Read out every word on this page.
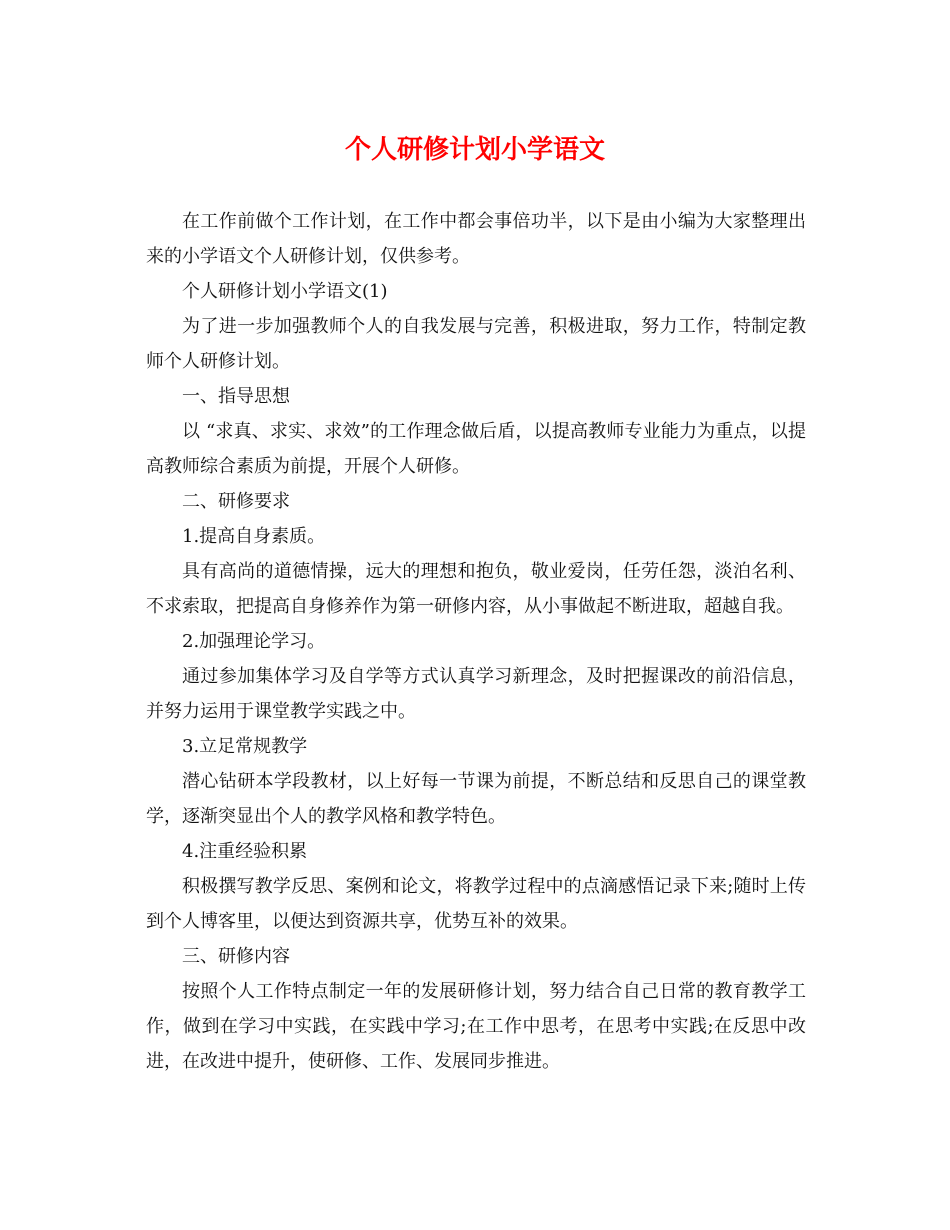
个人研修计划小学语文

在工作前做个工作计划，在工作中都会事倍功半，以下是由小编为大家整理出来的小学语文个人研修计划，仅供参考。

个人研修计划小学语文(1)

为了进一步加强教师个人的自我发展与完善，积极进取，努力工作，特制定教师个人研修计划。

一、指导思想

以 “求真、求实、求效”的工作理念做后盾，以提高教师专业能力为重点，以提高教师综合素质为前提，开展个人研修。

二、研修要求

1.提高自身素质。

具有高尚的道德情操，远大的理想和抱负，敬业爱岗，任劳任怨，淡泊名利、不求索取，把提高自身修养作为第一研修内容，从小事做起不断进取，超越自我。

2.加强理论学习。

通过参加集体学习及自学等方式认真学习新理念，及时把握课改的前沿信息，并努力运用于课堂教学实践之中。

3.立足常规教学

潜心钻研本学段教材，以上好每一节课为前提，不断总结和反思自己的课堂教学，逐渐突显出个人的教学风格和教学特色。

4.注重经验积累

积极撰写教学反思、案例和论文，将教学过程中的点滴感悟记录下来;随时上传到个人博客里，以便达到资源共享，优势互补的效果。

三、研修内容

按照个人工作特点制定一年的发展研修计划，努力结合自己日常的教育教学工作，做到在学习中实践，在实践中学习;在工作中思考，在思考中实践;在反思中改进，在改进中提升，使研修、工作、发展同步推进。
